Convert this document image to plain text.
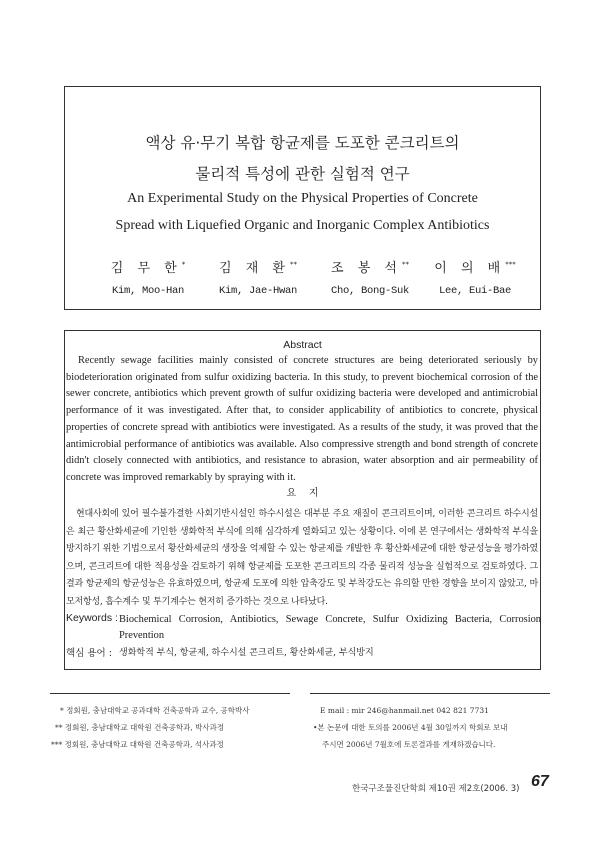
액상 유·무기 복합 항균제를 도포한 콘크리트의
물리적 특성에 관한 실험적 연구
An Experimental Study on the Physical Properties of Concrete
Spread with Liquefied Organic and Inorganic Complex Antibiotics
김 무 한*
Kim, Moo-Han
김 재 환**
Kim, Jae-Hwan
조 봉 석**
Cho, Bong-Suk
이 의 배***
Lee, Eui-Bae
Abstract
Recently sewage facilities mainly consisted of concrete structures are being deteriorated seriously by biodeterioration originated from sulfur oxidizing bacteria. In this study, to prevent biochemical corrosion of the sewer concrete, antibiotics which prevent growth of sulfur oxidizing bacteria were developed and antimicrobial performance of it was investigated. After that, to consider applicability of antibiotics to concrete, physical properties of concrete spread with antibiotics were investigated. As a results of the study, it was proved that the antimicrobial performance of antibiotics was available. Also compressive strength and bond strength of concrete didn't closely connected with antibiotics, and resistance to abrasion, water absorption and air permeability of concrete was improved remarkably by spraying with it.
요    지
현대사회에 있어 필수불가결한 사회기반시설인 하수시설은 대부분 주요 재질이 콘크리트이며, 이러한 콘크리트 하수시설은 최근 황산화세균에 기인한 생화학적 부식에 의해 심각하게 열화되고 있는 상황이다. 이에 본 연구에서는 생화학적 부식을 방지하기 위한 기법으로서 황산화세균의 생장을 억제할 수 있는 항균제를 개발한 후 황산화세균에 대한 항균성능을 평가하였으며, 콘크리트에 대한 적용성을 검토하기 위해 항균제를 도포한 콘크리트의 각종 물리적 성능을 실험적으로 검토하였다. 그 결과 항균제의 항균성능은 유효하였으며, 항균제 도포에 의한 압축강도 및 부착강도는 유의할 만한 경향을 보이지 않았고, 마모저항성, 흡수계수 및 투기계수는 현저히 증가하는 것으로 나타났다.
Keywords : Biochemical Corrosion, Antibiotics, Sewage Concrete, Sulfur Oxidizing Bacteria, Corrosion Prevention
핵심 용어 : 생화학적 부식, 항균제, 하수시설 콘크리트, 황산화세균, 부식방지
* 정회원, 충남대학교 공과대학 건축공학과 교수, 공학박사
** 정회원, 충남대학교 대학원 건축공학과, 박사과정
*** 정회원, 충남대학교 대학원 건축공학과, 석사과정
E mail : mir 246@hanmail.net 042 821 7731
•본 논문에 대한 토의를 2006년 4월 30일까지 학회로 보내
주시면 2006년 7월호에 토론결과를 게재하겠습니다.
한국구조물진단학회 제10권 제2호(2006. 3) 67
